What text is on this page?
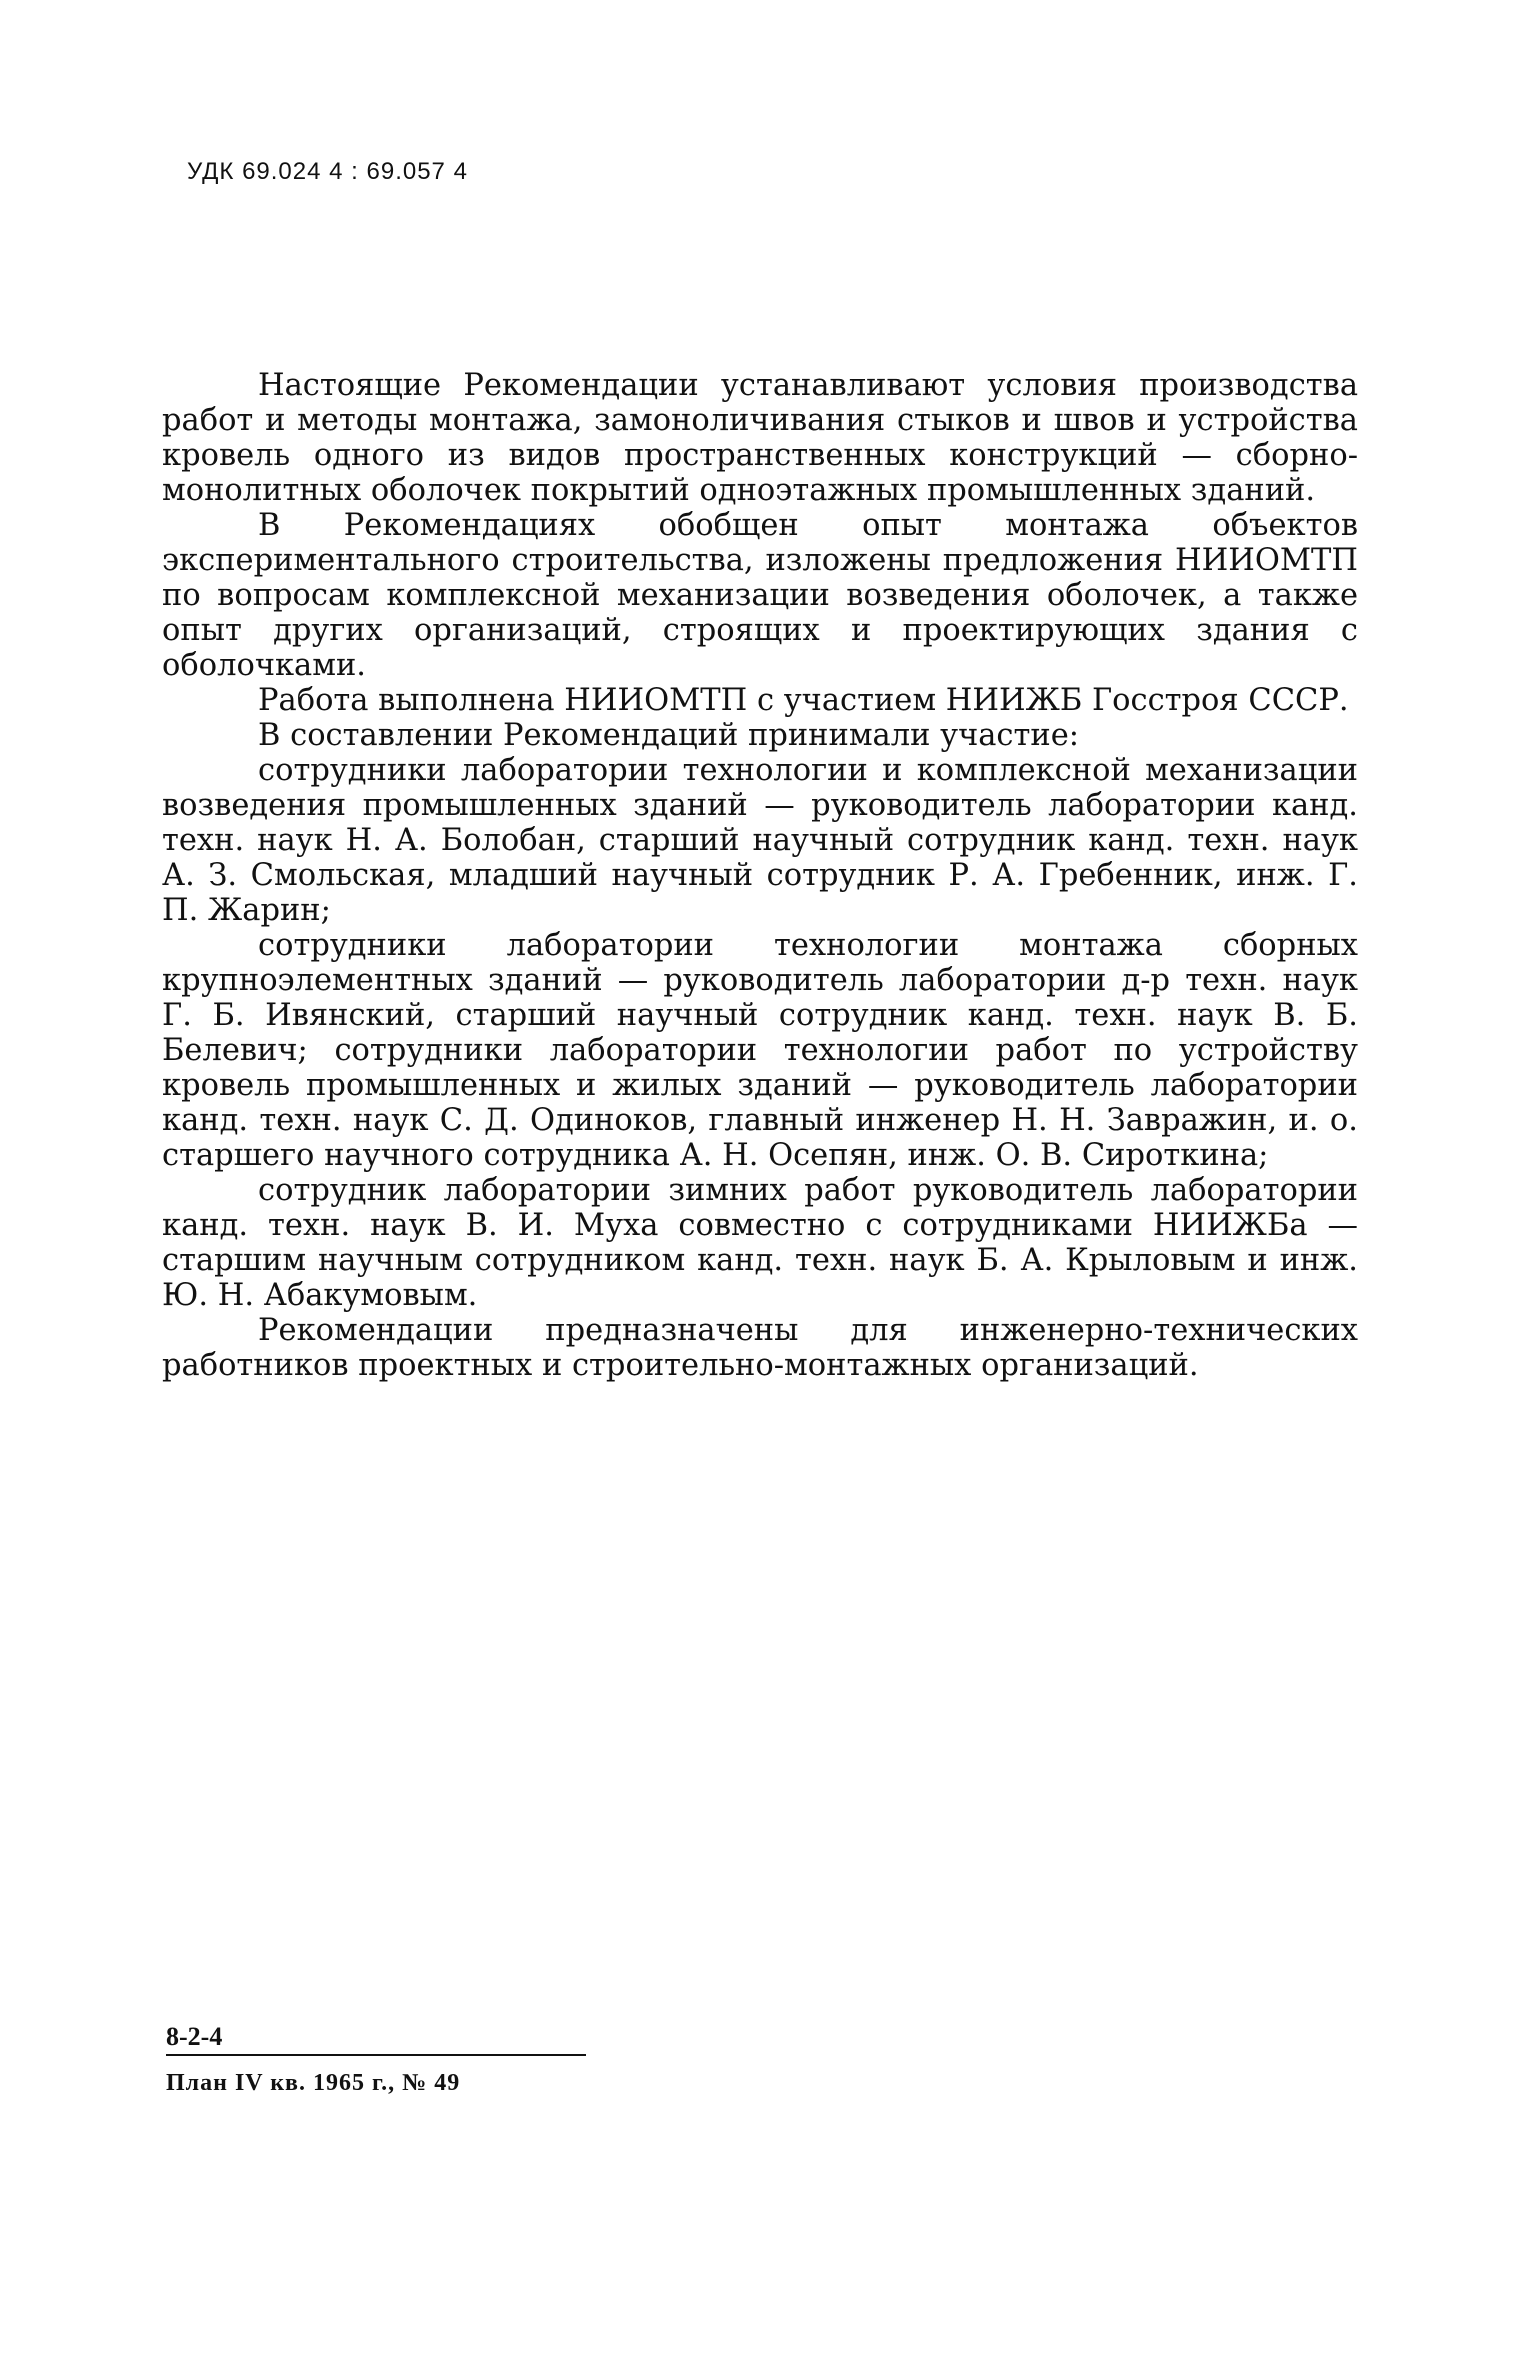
УДК 69.024 4 : 69.057 4

Настоящие Рекомендации устанавливают условия производства работ и методы монтажа, замоноличивания стыков и швов и устройства кровель одного из видов пространственных конструкций — сборно-монолитных оболочек покрытий одноэтажных промышленных зданий.

В Рекомендациях обобщен опыт монтажа объектов экспериментального строительства, изложены предложения НИИОМТП по вопросам комплексной механизации возведения оболочек, а также опыт других организаций, строящих и проектирующих здания с оболочками.

Работа выполнена НИИОМТП с участием НИИЖБ Госстроя СССР.

В составлении Рекомендаций принимали участие:

сотрудники лаборатории технологии и комплексной механизации возведения промышленных зданий — руководитель лаборатории канд. техн. наук Н. А. Болобан, старший научный сотрудник канд. техн. наук А. З. Смольская, младший научный сотрудник Р. А. Гребенник, инж. Г. П. Жарин;

сотрудники лаборатории технологии монтажа сборных крупноэлементных зданий — руководитель лаборатории д-р техн. наук Г. Б. Ивянский, старший научный сотрудник канд. техн. наук В. Б. Белевич; сотрудники лаборатории технологии работ по устройству кровель промышленных и жилых зданий — руководитель лаборатории канд. техн. наук С. Д. Одинокoв, главный инженер Н. Н. Завражин, и. о. старшего научного сотрудника А. Н. Осепян, инж. О. В. Сироткина;

сотрудник лаборатории зимних работ руководитель лаборатории канд. техн. наук В. И. Муха совместно с сотрудниками НИИЖБа — старшим научным сотрудником канд. техн. наук Б. А. Крыловым и инж. Ю. Н. Абакумовым.

Рекомендации предназначены для инженерно-технических работников проектных и строительно-монтажных организаций.

8-2-4
План IV кв. 1965 г., № 49
